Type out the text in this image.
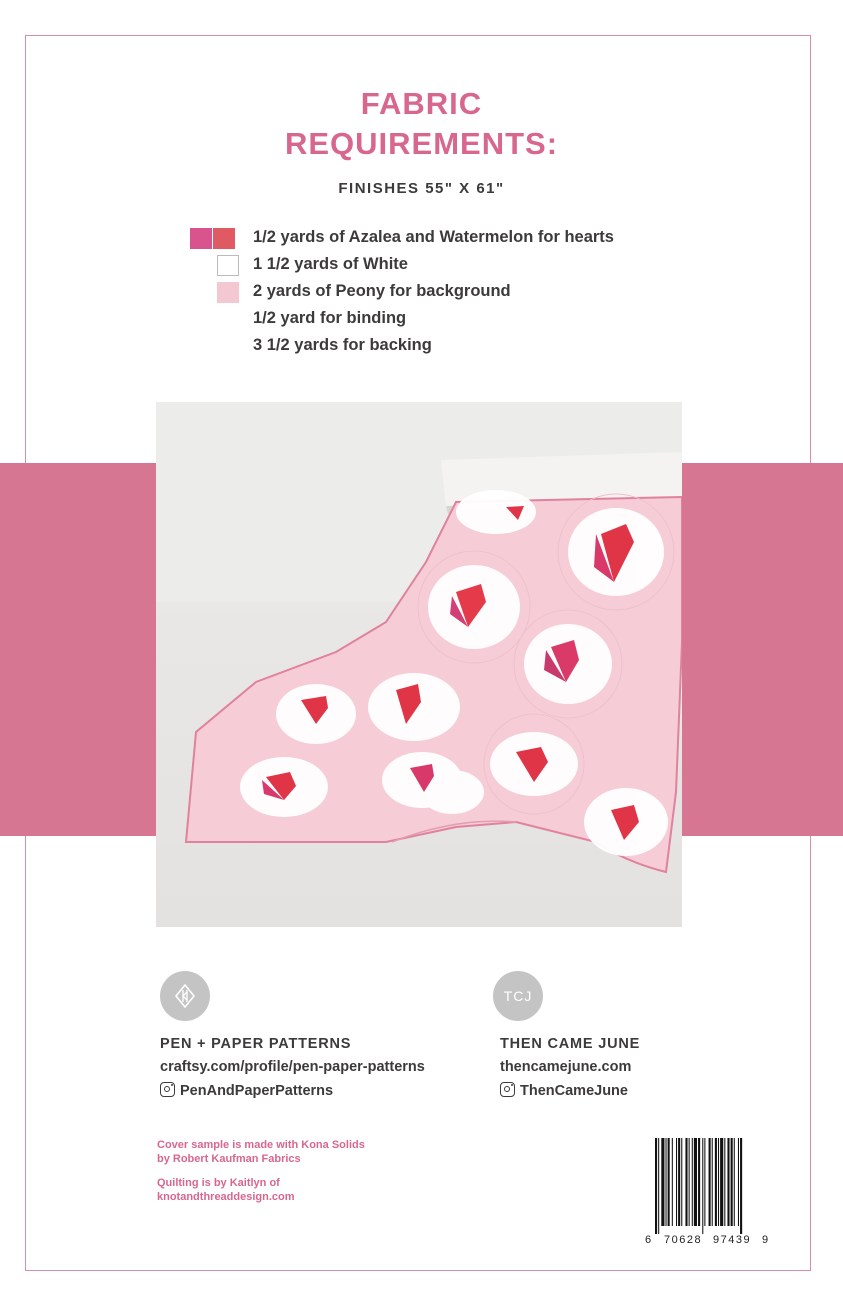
FABRIC
REQUIREMENTS:
FINISHES 55" X 61"
1/2 yards of Azalea and Watermelon for hearts
1 1/2 yards of White
2 yards of Peony for background
1/2 yard for binding
3 1/2 yards for backing
PEN + PAPER PATTERNS
craftsy.com/profile/pen-paper-patterns
PenAndPaperPatterns
TCJ
THEN CAME JUNE
thencamejune.com
ThenCameJune
Cover sample is made with Kona Solids
by Robert Kaufman Fabrics
Quilting is by Kaitlyn of
knotandthreaddesign.com
6 70628 97439 9
